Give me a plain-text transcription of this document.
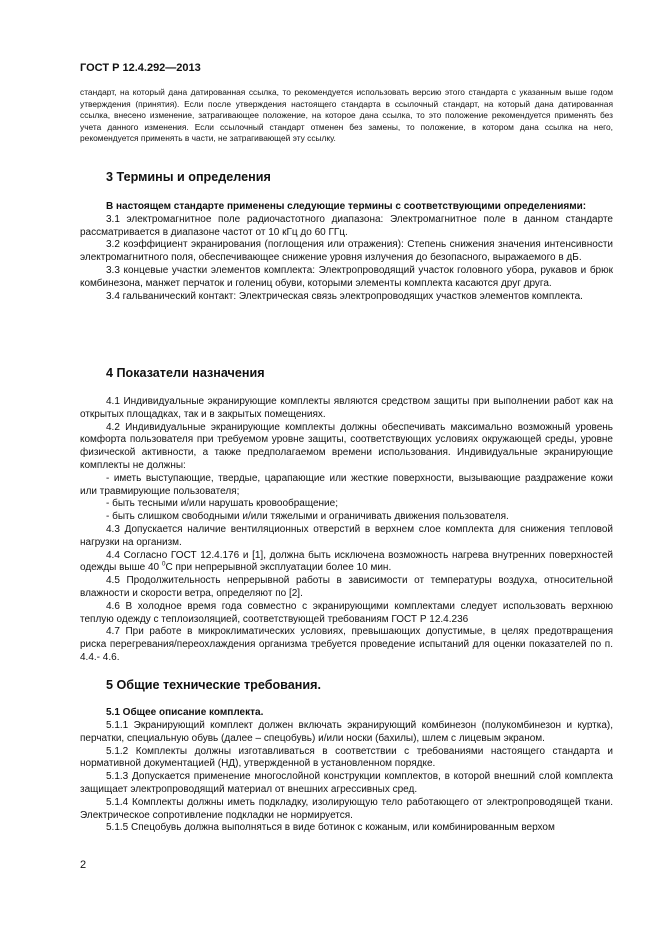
ГОСТ Р 12.4.292—2013
стандарт, на который дана датированная ссылка, то рекомендуется использовать версию этого стандарта с указанным выше годом утверждения (принятия). Если после утверждения настоящего стандарта в ссылочный стандарт, на который дана датированная ссылка, внесено изменение, затрагивающее положение, на которое дана ссылка, то это положение рекомендуется применять без учета данного изменения. Если ссылочный стандарт отменен без замены, то положение, в котором дана ссылка на него, рекомендуется применять в части, не затрагивающей эту ссылку.
3 Термины и определения

В настоящем стандарте применены следующие термины с соответствующими определениями:

3.1 электромагнитное поле радиочастотного диапазона: Электромагнитное поле в данном стандарте рассматривается в диапазоне частот от 10 кГц до 60 ГГц.

3.2 коэффициент экранирования (поглощения или отражения): Степень снижения значения интенсивности электромагнитного поля, обеспечивающее снижение уровня излучения до безопасного, выражаемого в дБ.

3.3 концевые участки элементов комплекта: Электропроводящий участок головного убора, рукавов и брюк комбинезона, манжет перчаток и голениц обуви, которыми элементы комплекта касаются друг друга.

3.4 гальванический контакт: Электрическая связь электропроводящих участков элементов комплекта.

4 Показатели назначения

4.1 Индивидуальные экранирующие комплекты являются средством защиты при выполнении работ как на открытых площадках, так и в закрытых помещениях.

4.2 Индивидуальные экранирующие комплекты должны обеспечивать максимально возможный уровень комфорта пользователя при требуемом уровне защиты, соответствующих условиях окружающей среды, уровне физической активности, а также предполагаемом времени использования. Индивидуальные экранирующие комплекты не должны:

- иметь выступающие, твердые, царапающие или жесткие поверхности, вызывающие раздражение кожи или травмирующие пользователя;

- быть тесными и/или нарушать кровообращение;

- быть слишком свободными и/или тяжелыми и ограничивать движения пользователя.

4.3 Допускается наличие вентиляционных отверстий в верхнем слое комплекта для снижения тепловой нагрузки на организм.

4.4 Согласно ГОСТ 12.4.176 и [1], должна быть исключена возможность нагрева внутренних поверхностей одежды выше 40 $^0$С при непрерывной эксплуатации более 10 мин.

4.5 Продолжительность непрерывной работы в зависимости от температуры воздуха, относительной влажности и скорости ветра, определяют по [2].

4.6 В холодное время года совместно с экранирующими комплектами следует использовать верхнюю теплую одежду с теплоизоляцией, соответствующей требованиям ГОСТ Р 12.4.236

4.7 При работе в микроклиматических условиях, превышающих допустимые, в целях предотвращения риска перегревания/переохлаждения организма требуется проведение испытаний для оценки показателей по п. 4.4.- 4.6.

5 Общие технические требования.

5.1 Общее описание комплекта.

5.1.1 Экранирующий комплект должен включать экранирующий комбинезон (полукомбинезон и куртка), перчатки, специальную обувь (далее – спецобувь) и/или носки (бахилы), шлем с лицевым экраном.

5.1.2 Комплекты должны изготавливаться в соответствии с требованиями настоящего стандарта и нормативной документацией (НД), утвержденной в установленном порядке.

5.1.3 Допускается применение многослойной конструкции комплектов, в которой внешний слой комплекта защищает электропроводящий материал от внешних агрессивных сред.

5.1.4 Комплекты должны иметь подкладку, изолирующую тело работающего от электропроводящей ткани. Электрическое сопротивление подкладки не нормируется.

5.1.5 Спецобувь должна выполняться в виде ботинок с кожаным, или комбинированным верхом

2
